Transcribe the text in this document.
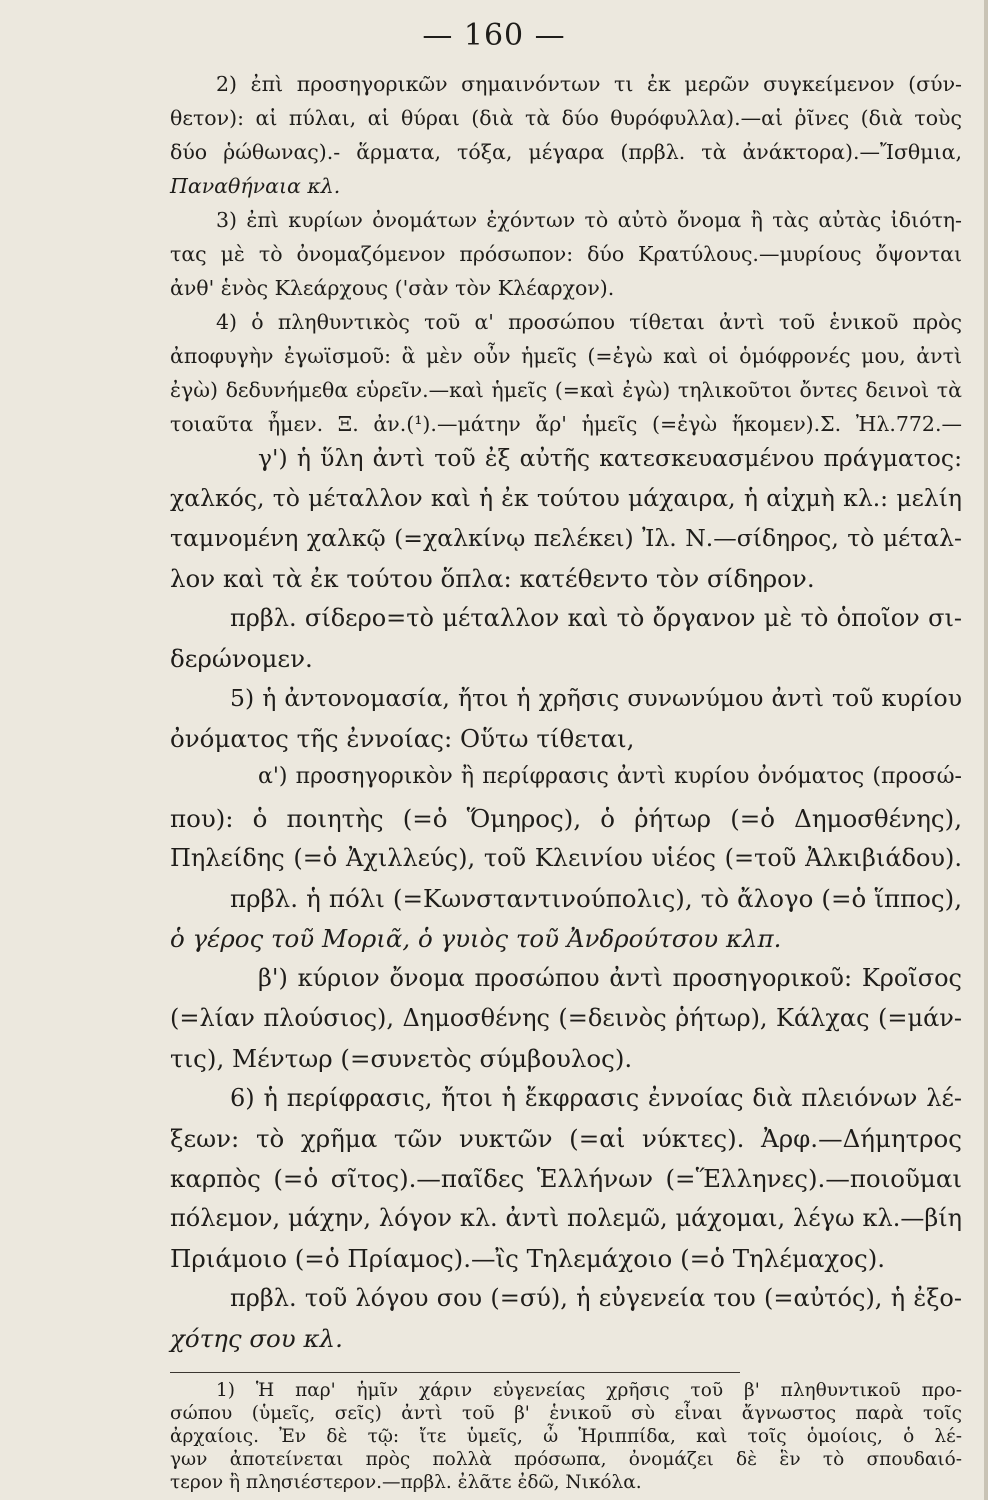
— 160 —
2) ἐπὶ προσηγορικῶν σημαινόντων τι ἐκ μερῶν συγκείμενον (σύν-
θετον): αἱ πύλαι, αἱ θύραι (διὰ τὰ δύο θυρόφυλλα).—αἱ ῥῖνες (διὰ τοὺς
δύο ῥώθωνας).- ἅρματα, τόξα, μέγαρα (πρβλ. τὰ ἀνάκτορα).—Ἴσθμια,
Παναθήναια κλ.
3) ἐπὶ κυρίων ὀνομάτων ἐχόντων τὸ αὐτὸ ὄνομα ἢ τὰς αὐτὰς ἰδιότη-
τας μὲ τὸ ὀνομαζόμενον πρόσωπον: δύο Κρατύλους.—μυρίους ὄψονται
ἀνθ' ἑνὸς Κλεάρχους ('σὰν τὸν Κλέαρχον).
4) ὁ πληθυντικὸς τοῦ α' προσώπου τίθεται ἀντὶ τοῦ ἑνικοῦ πρὸς
ἀποφυγὴν ἐγωϊσμοῦ: ἃ μὲν οὖν ἡμεῖς (=ἐγὼ καὶ οἱ ὁμόφρονές μου, ἀντὶ
ἐγὼ) δεδυνήμεθα εὑρεῖν.—καὶ ἡμεῖς (=καὶ ἐγὼ) τηλικοῦτοι ὄντες δεινοὶ τὰ
τοιαῦτα ἦμεν. Ξ. ἀν.(¹).—μάτην ἄρ' ἡμεῖς (=ἐγὼ ἥκομεν).Σ. Ἠλ.772.—
γ') ἡ ὕλη ἀντὶ τοῦ ἐξ αὐτῆς κατεσκευασμένου πράγματος:
χαλκός, τὸ μέταλλον καὶ ἡ ἐκ τούτου μάχαιρα, ἡ αἰχμὴ κλ.: μελίη
ταμνομένη χαλκῷ (=χαλκίνῳ πελέκει) Ἰλ. Ν.—σίδηρος, τὸ μέταλ-
λον καὶ τὰ ἐκ τούτου ὅπλα: κατέθεντο τὸν σίδηρον.
πρβλ. σίδερο=τὸ μέταλλον καὶ τὸ ὄργανον μὲ τὸ ὁποῖον σι-
δερώνομεν.
5) ἡ ἀντονομασία, ἤτοι ἡ χρῆσις συνωνύμου ἀντὶ τοῦ κυρίου
ὀνόματος τῆς ἐννοίας: Οὕτω τίθεται,
α') προσηγορικὸν ἢ περίφρασις ἀντὶ κυρίου ὀνόματος (προσώ-
που): ὁ ποιητὴς (=ὁ Ὅμηρος), ὁ ῥήτωρ (=ὁ Δημοσθένης),
Πηλείδης (=ὁ Ἀχιλλεύς), τοῦ Κλεινίου υἱέος (=τοῦ Ἀλκιβιάδου).
πρβλ. ἡ πόλι (=Κωνσταντινούπολις), τὸ ἄλογο (=ὁ ἵππος),
ὁ γέρος τοῦ Μοριᾶ, ὁ γυιὸς τοῦ Ἀνδρούτσου κλπ.
β') κύριον ὄνομα προσώπου ἀντὶ προσηγορικοῦ: Κροῖσος
(=λίαν πλούσιος), Δημοσθένης (=δεινὸς ῥήτωρ), Κάλχας (=μάν-
τις), Μέντωρ (=συνετὸς σύμβουλος).
6) ἡ περίφρασις, ἤτοι ἡ ἔκφρασις ἐννοίας διὰ πλειόνων λέ-
ξεων: τὸ χρῆμα τῶν νυκτῶν (=αἱ νύκτες). Ἀρφ.—Δήμητρος
καρπὸς (=ὁ σῖτος).—παῖδες Ἑλλήνων (=Ἕλληνες).—ποιοῦμαι
πόλεμον, μάχην, λόγον κλ. ἀντὶ πολεμῶ, μάχομαι, λέγω κλ.—βίη
Πριάμοιο (=ὁ Πρίαμος).—ἲς Τηλεμάχοιο (=ὁ Τηλέμαχος).
πρβλ. τοῦ λόγου σου (=σύ), ἡ εὐγενεία του (=αὐτός), ἡ ἐξο-
χότης σου κλ.
1) Ἡ παρ' ἡμῖν χάριν εὐγενείας χρῆσις τοῦ β' πληθυντικοῦ προ-
σώπου (ὑμεῖς, σεῖς) ἀντὶ τοῦ β' ἑνικοῦ σὺ εἶναι ἄγνωστος παρὰ τοῖς
ἀρχαίοις. Ἐν δὲ τῷ: ἴτε ὑμεῖς, ὦ Ἡριππίδα, καὶ τοῖς ὁμοίοις, ὁ λέ-
γων ἀποτείνεται πρὸς πολλὰ πρόσωπα, ὀνομάζει δὲ ἓν τὸ σπουδαιό-
τερον ἢ πλησιέστερον.—πρβλ. ἐλᾶτε ἐδῶ, Νικόλα.
